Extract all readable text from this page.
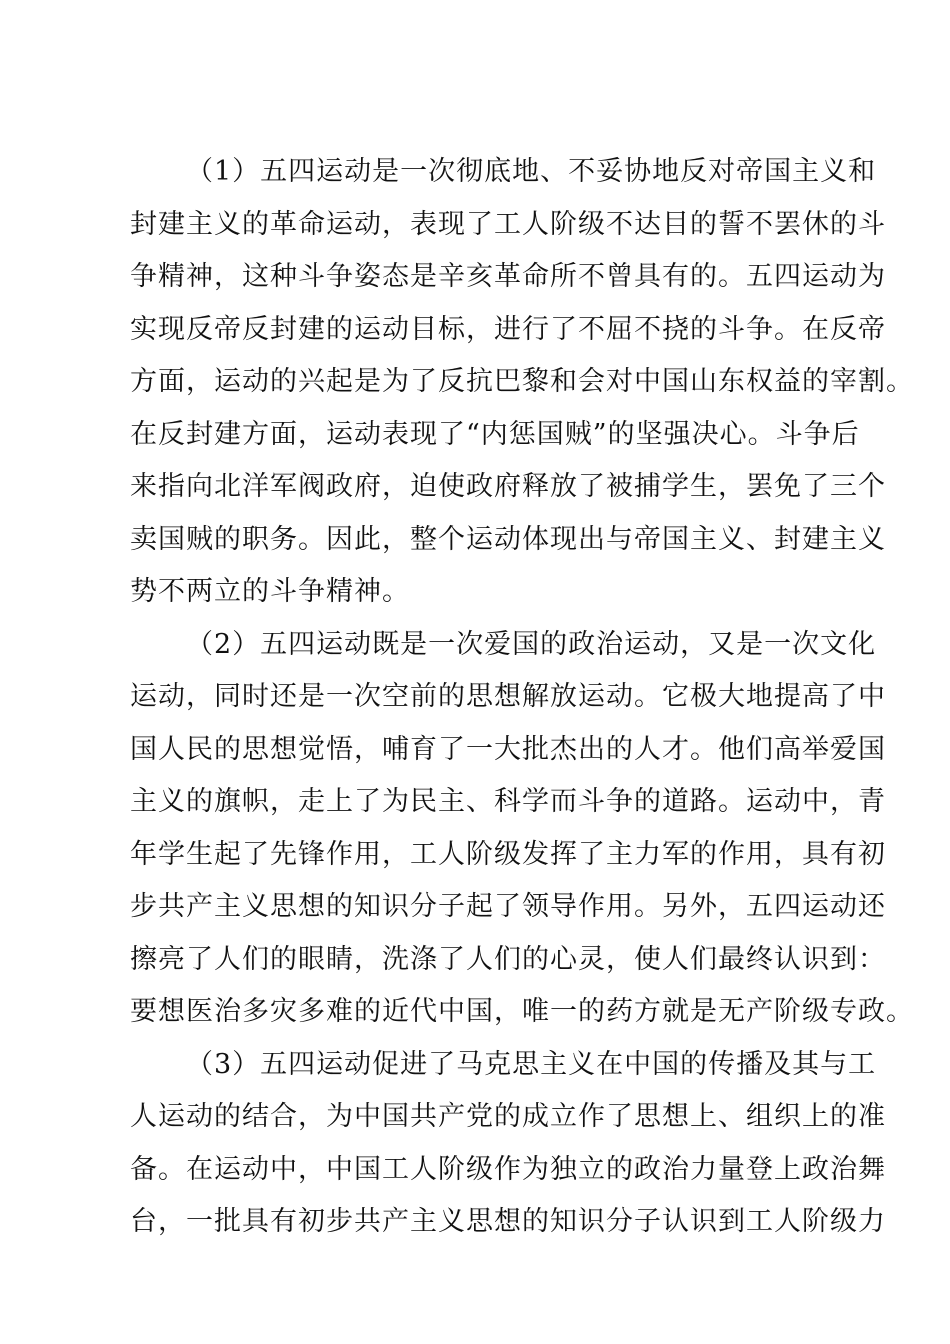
（1）五四运动是一次彻底地、不妥协地反对帝国主义和
封建主义的革命运动，表现了工人阶级不达目的誓不罢休的斗
争精神，这种斗争姿态是辛亥革命所不曾具有的。五四运动为
实现反帝反封建的运动目标，进行了不屈不挠的斗争。在反帝
方面，运动的兴起是为了反抗巴黎和会对中国山东权益的宰割。
在反封建方面，运动表现了“内惩国贼”的坚强决心。斗争后
来指向北洋军阀政府，迫使政府释放了被捕学生，罢免了三个
卖国贼的职务。因此，整个运动体现出与帝国主义、封建主义
势不两立的斗争精神。
（2）五四运动既是一次爱国的政治运动，又是一次文化
运动，同时还是一次空前的思想解放运动。它极大地提高了中
国人民的思想觉悟，哺育了一大批杰出的人才。他们高举爱国
主义的旗帜，走上了为民主、科学而斗争的道路。运动中，青
年学生起了先锋作用，工人阶级发挥了主力军的作用，具有初
步共产主义思想的知识分子起了领导作用。另外，五四运动还
擦亮了人们的眼睛，洗涤了人们的心灵，使人们最终认识到：
要想医治多灾多难的近代中国，唯一的药方就是无产阶级专政。
（3）五四运动促进了马克思主义在中国的传播及其与工
人运动的结合，为中国共产党的成立作了思想上、组织上的准
备。在运动中，中国工人阶级作为独立的政治力量登上政治舞
台，一批具有初步共产主义思想的知识分子认识到工人阶级力
